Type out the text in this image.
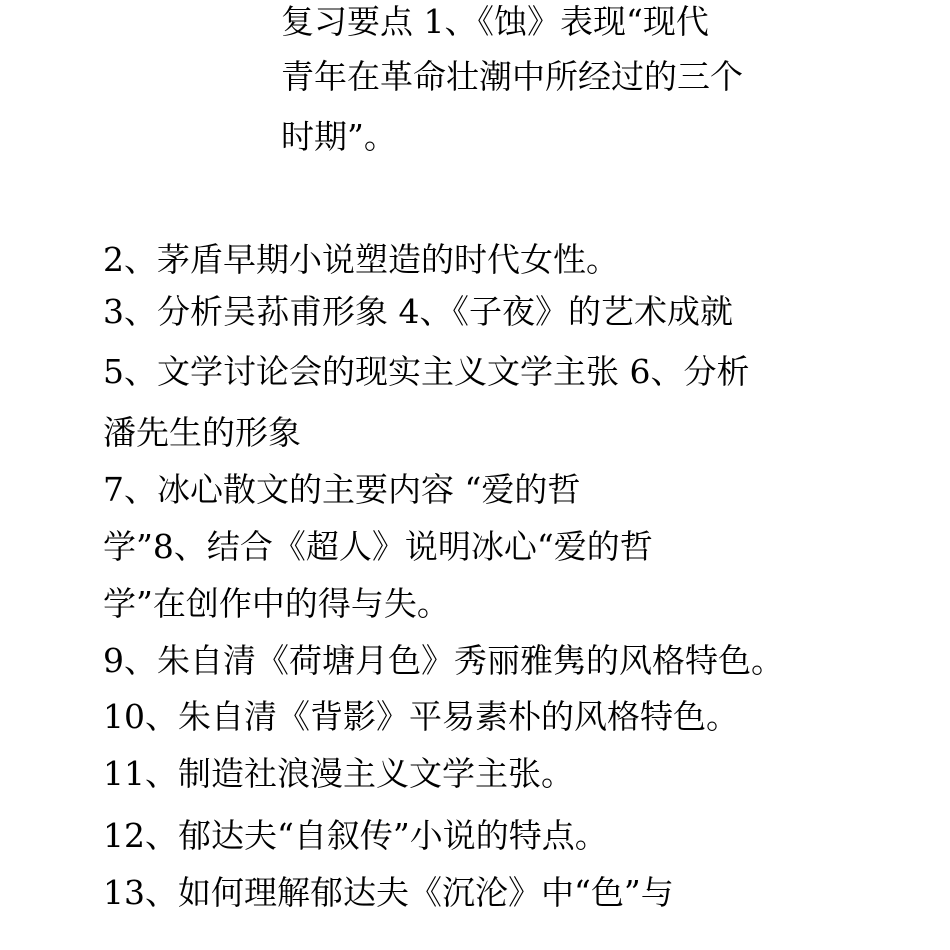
复习要点 1、《蚀》表现“现代
青年在革命壮潮中所经过的三个
时期”。
2、茅盾早期小说塑造的时代女性。
3、分析吴荪甫形象 4、《子夜》的艺术成就
5、文学讨论会的现实主义文学主张 6、分析
潘先生的形象
7、冰心散文的主要内容 “爱的哲
学”8、结合《超人》说明冰心“爱的哲
学”在创作中的得与失。
9、朱自清《荷塘月色》秀丽雅隽的风格特色。
10、朱自清《背影》平易素朴的风格特色。
11、制造社浪漫主义文学主张。
12、郁达夫“自叙传”小说的特点。
13、如何理解郁达夫《沉沦》中“色”与
